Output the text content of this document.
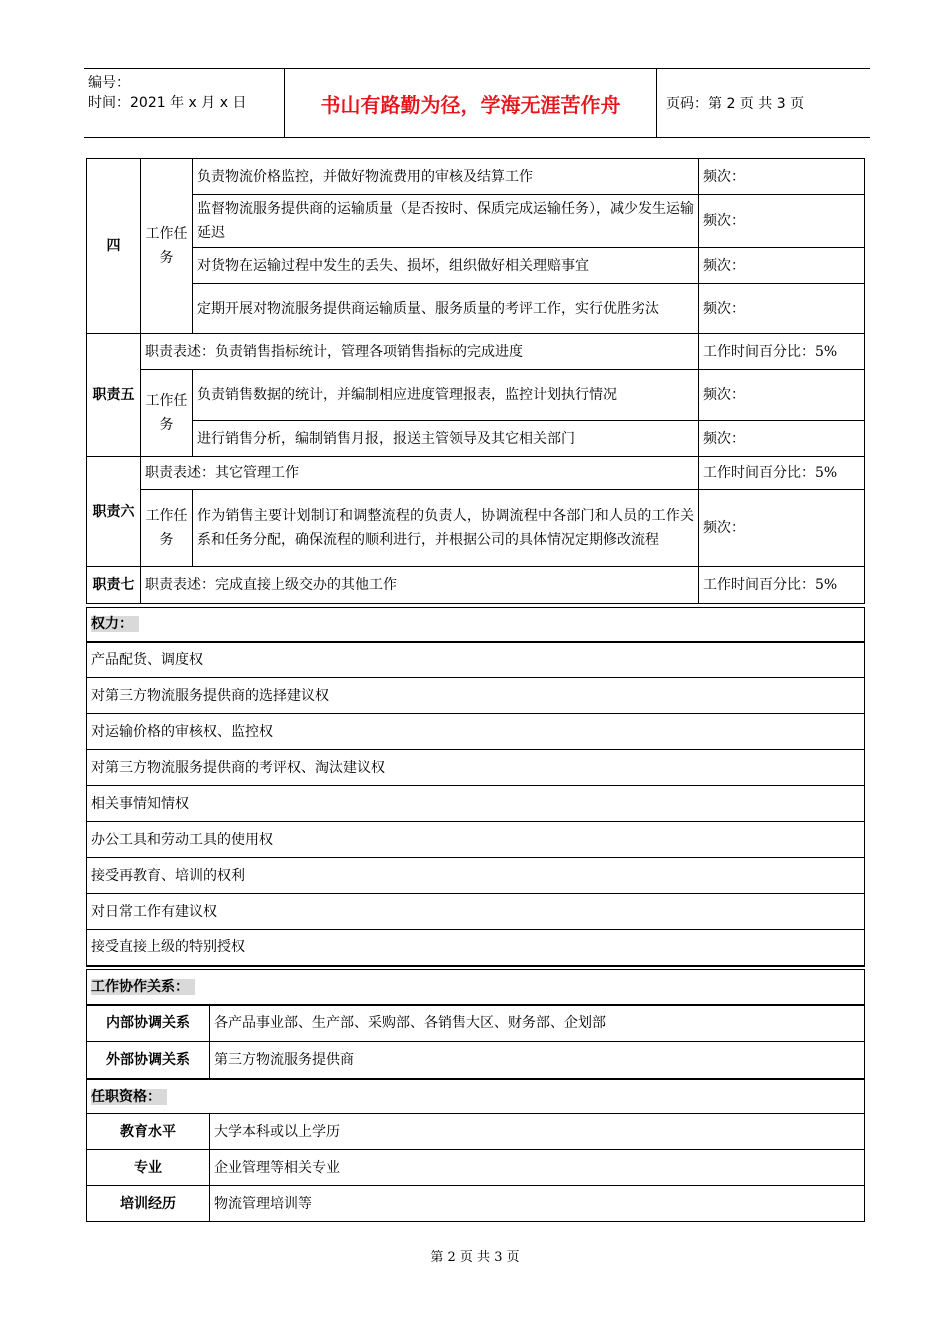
编号：
时间：2021 年 x 月 x 日	书山有路勤为径，学海无涯苦作舟	页码：第 2 页 共 3 页
四	工作任务	负责物流价格监控，并做好物流费用的审核及结算工作	频次：
		监督物流服务提供商的运输质量（是否按时、保质完成运输任务），减少发生运输延迟	频次：
		对货物在运输过程中发生的丢失、损坏，组织做好相关理赔事宜	频次：
		定期开展对物流服务提供商运输质量、服务质量的考评工作，实行优胜劣汰	频次：
职责五	职责表述：负责销售指标统计，管理各项销售指标的完成进度		工作时间百分比：5%
	工作任务	负责销售数据的统计，并编制相应进度管理报表，监控计划执行情况	频次：
		进行销售分析，编制销售月报，报送主管领导及其它相关部门	频次：
职责六	职责表述：其它管理工作		工作时间百分比：5%
	工作任务	作为销售主要计划制订和调整流程的负责人，协调流程中各部门和人员的工作关系和任务分配，确保流程的顺利进行，并根据公司的具体情况定期修改流程	频次：
职责七	职责表述：完成直接上级交办的其他工作		工作时间百分比：5%
权力：
产品配货、调度权
对第三方物流服务提供商的选择建议权
对运输价格的审核权、监控权
对第三方物流服务提供商的考评权、淘汰建议权
相关事情知情权
办公工具和劳动工具的使用权
接受再教育、培训的权利
对日常工作有建议权
接受直接上级的特别授权
工作协作关系：	
内部协调关系	各产品事业部、生产部、采购部、各销售大区、财务部、企划部
外部协调关系	第三方物流服务提供商
任职资格：	
教育水平	大学本科或以上学历
专业	企业管理等相关专业
培训经历	物流管理培训等
第 2 页 共 3 页
